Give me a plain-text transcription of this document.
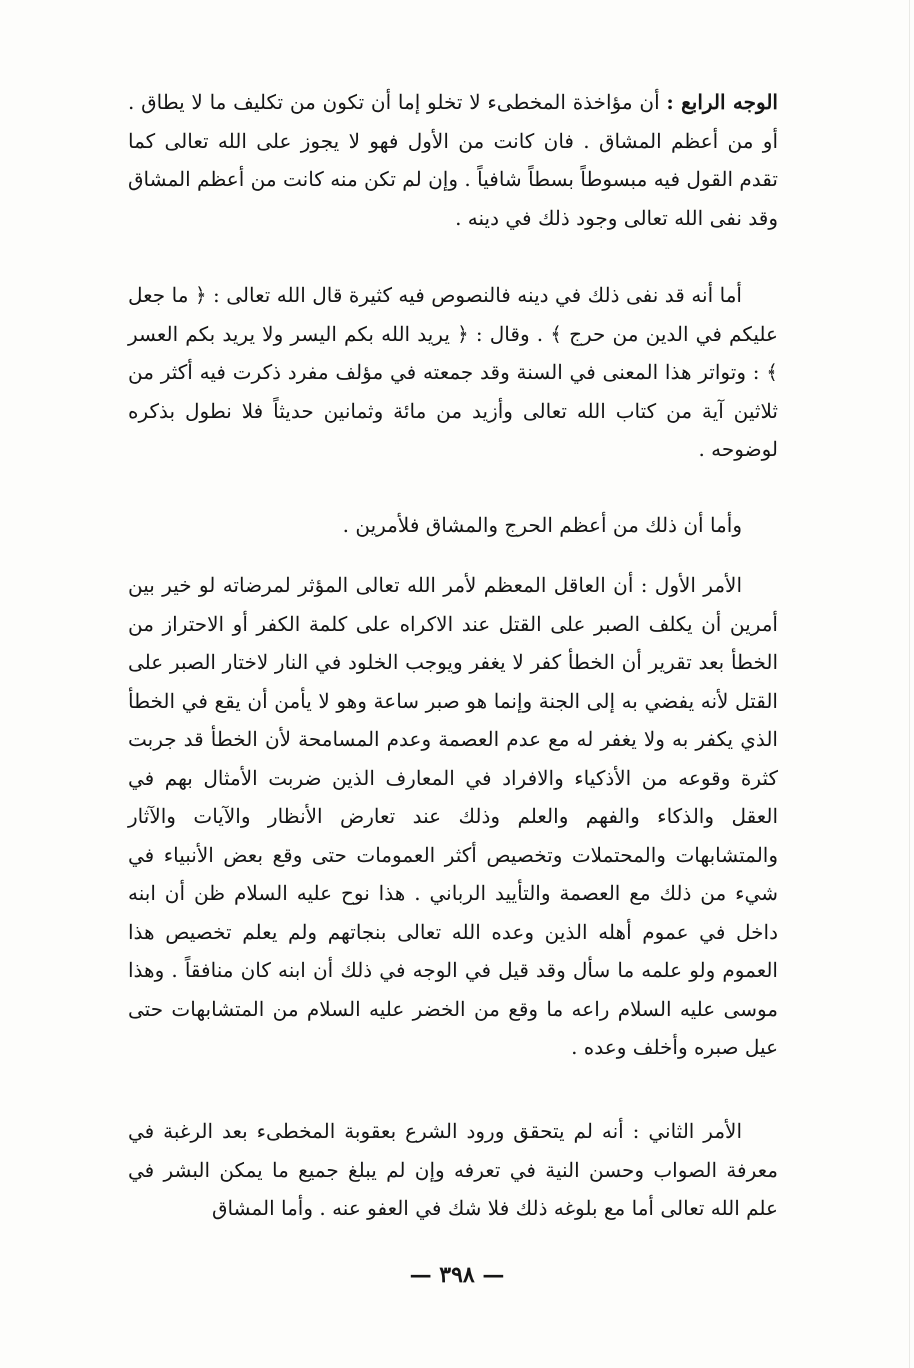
الوجه الرابع : أن مؤاخذة المخطىء لا تخلو إما أن تكون من تكليف ما لا يطاق . أو من أعظم المشاق . فان كانت من الأول فهو لا يجوز على الله تعالى كما تقدم القول فيه مبسوطاً بسطاً شافياً . وإن لم تكن منه كانت من أعظم المشاق وقد نفى الله تعالى وجود ذلك في دينه .

أما أنه قد نفى ذلك في دينه فالنصوص فيه كثيرة قال الله تعالى : ﴿ ما جعل عليكم في الدين من حرج ﴾ . وقال : ﴿ يريد الله بكم اليسر ولا يريد بكم العسر ﴾ : وتواتر هذا المعنى في السنة وقد جمعته في مؤلف مفرد ذكرت فيه أكثر من ثلاثين آية من كتاب الله تعالى وأزيد من مائة وثمانين حديثاً فلا نطول بذكره لوضوحه .

وأما أن ذلك من أعظم الحرج والمشاق فلأمرين .

الأمر الأول : أن العاقل المعظم لأمر الله تعالى المؤثر لمرضاته لو خير بين أمرين أن يكلف الصبر على القتل عند الاكراه على كلمة الكفر أو الاحتراز من الخطأ بعد تقرير أن الخطأ كفر لا يغفر ويوجب الخلود في النار لاختار الصبر على القتل لأنه يفضي به إلى الجنة وإنما هو صبر ساعة وهو لا يأمن أن يقع في الخطأ الذي يكفر به ولا يغفر له مع عدم العصمة وعدم المسامحة لأن الخطأ قد جربت كثرة وقوعه من الأذكياء والافراد في المعارف الذين ضربت الأمثال بهم في العقل والذكاء والفهم والعلم وذلك عند تعارض الأنظار والآيات والآثار والمتشابهات والمحتملات وتخصيص أكثر العمومات حتى وقع بعض الأنبياء في شيء من ذلك مع العصمة والتأييد الرباني . هذا نوح عليه السلام ظن أن ابنه داخل في عموم أهله الذين وعده الله تعالى بنجاتهم ولم يعلم تخصيص هذا العموم ولو علمه ما سأل وقد قيل في الوجه في ذلك أن ابنه كان منافقاً . وهذا موسى عليه السلام راعه ما وقع من الخضر عليه السلام من المتشابهات حتى عيل صبره وأخلف وعده .

الأمر الثاني : أنه لم يتحقق ورود الشرع بعقوبة المخطىء بعد الرغبة في معرفة الصواب وحسن النية في تعرفه وإن لم يبلغ جميع ما يمكن البشر في علم الله تعالى أما مع بلوغه ذلك فلا شك في العفو عنه . وأما المشاق

— ٣٩٨ —
